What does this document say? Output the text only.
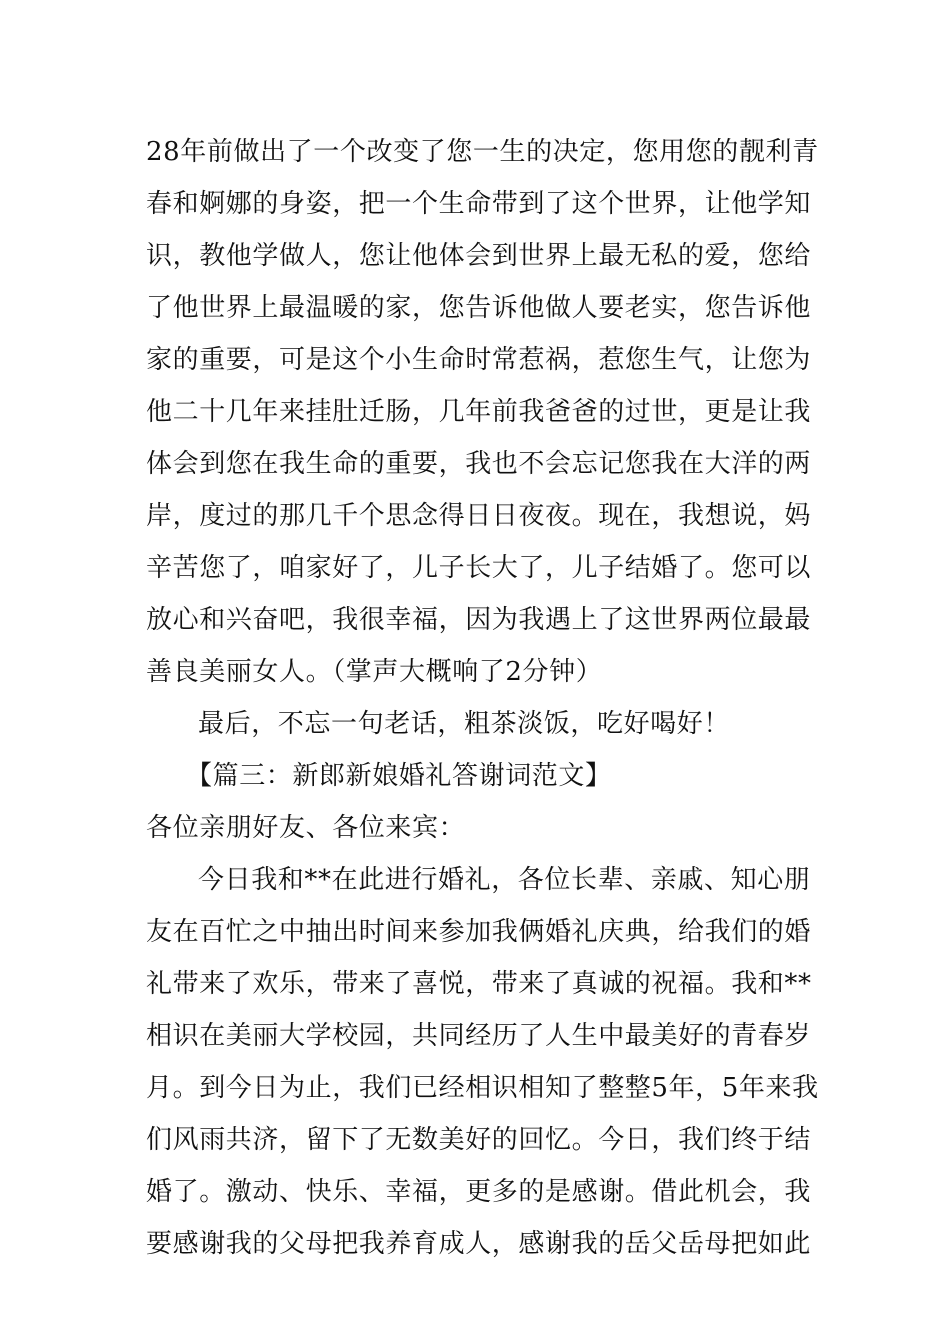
28年前做出了一个改变了您一生的决定，您用您的靓利青
春和婀娜的身姿，把一个生命带到了这个世界，让他学知
识，教他学做人，您让他体会到世界上最无私的爱，您给
了他世界上最温暖的家，您告诉他做人要老实，您告诉他
家的重要，可是这个小生命时常惹祸，惹您生气，让您为
他二十几年来挂肚迁肠，几年前我爸爸的过世，更是让我
体会到您在我生命的重要，我也不会忘记您我在大洋的两
岸，度过的那几千个思念得日日夜夜。现在，我想说，妈
辛苦您了，咱家好了，儿子长大了，儿子结婚了。您可以
放心和兴奋吧，我很幸福，因为我遇上了这世界两位最最
善良美丽女人。（掌声大概响了2分钟）
最后，不忘一句老话，粗茶淡饭，吃好喝好！
【篇三：新郎新娘婚礼答谢词范文】
各位亲朋好友、各位来宾：
今日我和**在此进行婚礼，各位长辈、亲戚、知心朋
友在百忙之中抽出时间来参加我俩婚礼庆典，给我们的婚
礼带来了欢乐，带来了喜悦，带来了真诚的祝福。我和**
相识在美丽大学校园，共同经历了人生中最美好的青春岁
月。到今日为止，我们已经相识相知了整整5年，5年来我
们风雨共济，留下了无数美好的回忆。今日，我们终于结
婚了。激动、快乐、幸福，更多的是感谢。借此机会，我
要感谢我的父母把我养育成人，感谢我的岳父岳母把如此
